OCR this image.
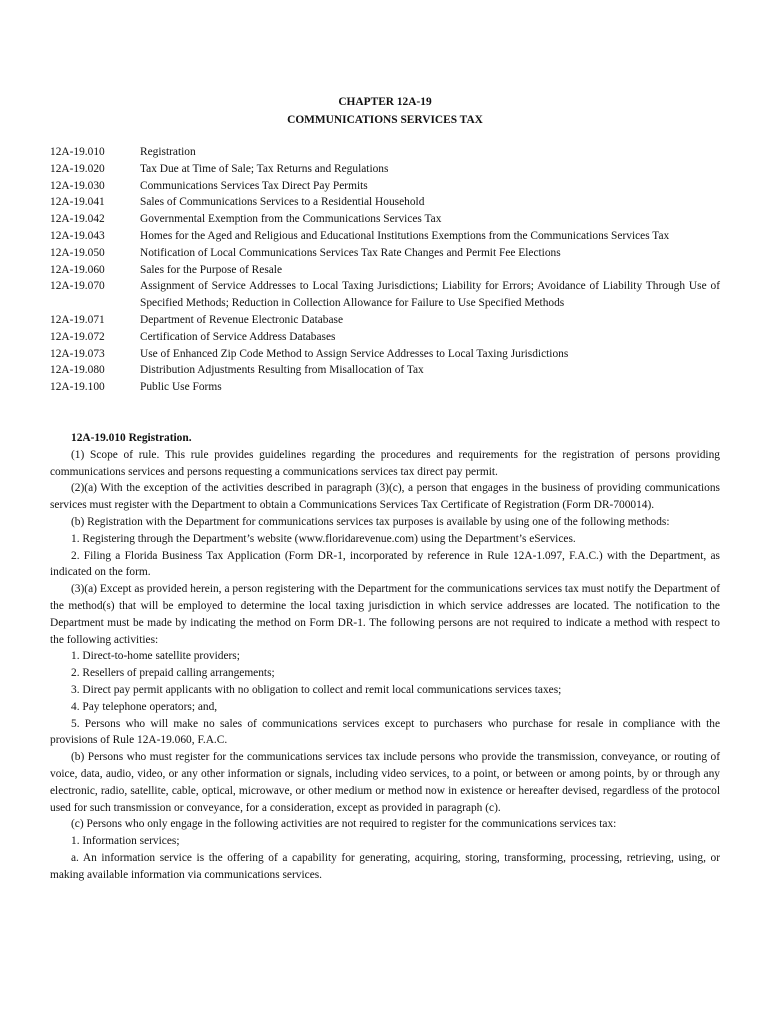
CHAPTER 12A-19
COMMUNICATIONS SERVICES TAX
12A-19.010	Registration
12A-19.020	Tax Due at Time of Sale; Tax Returns and Regulations
12A-19.030	Communications Services Tax Direct Pay Permits
12A-19.041	Sales of Communications Services to a Residential Household
12A-19.042	Governmental Exemption from the Communications Services Tax
12A-19.043	Homes for the Aged and Religious and Educational Institutions Exemptions from the Communications Services Tax
12A-19.050	Notification of Local Communications Services Tax Rate Changes and Permit Fee Elections
12A-19.060	Sales for the Purpose of Resale
12A-19.070	Assignment of Service Addresses to Local Taxing Jurisdictions; Liability for Errors; Avoidance of Liability Through Use of Specified Methods; Reduction in Collection Allowance for Failure to Use Specified Methods
12A-19.071	Department of Revenue Electronic Database
12A-19.072	Certification of Service Address Databases
12A-19.073	Use of Enhanced Zip Code Method to Assign Service Addresses to Local Taxing Jurisdictions
12A-19.080	Distribution Adjustments Resulting from Misallocation of Tax
12A-19.100	Public Use Forms
12A-19.010 Registration.

(1) Scope of rule. This rule provides guidelines regarding the procedures and requirements for the registration of persons providing communications services and persons requesting a communications services tax direct pay permit.

(2)(a) With the exception of the activities described in paragraph (3)(c), a person that engages in the business of providing communications services must register with the Department to obtain a Communications Services Tax Certificate of Registration (Form DR-700014).

(b) Registration with the Department for communications services tax purposes is available by using one of the following methods:

1. Registering through the Department’s website (www.floridarevenue.com) using the Department’s eServices.

2. Filing a Florida Business Tax Application (Form DR-1, incorporated by reference in Rule 12A-1.097, F.A.C.) with the Department, as indicated on the form.

(3)(a) Except as provided herein, a person registering with the Department for the communications services tax must notify the Department of the method(s) that will be employed to determine the local taxing jurisdiction in which service addresses are located. The notification to the Department must be made by indicating the method on Form DR-1. The following persons are not required to indicate a method with respect to the following activities:

1. Direct-to-home satellite providers;

2. Resellers of prepaid calling arrangements;

3. Direct pay permit applicants with no obligation to collect and remit local communications services taxes;

4. Pay telephone operators; and,

5. Persons who will make no sales of communications services except to purchasers who purchase for resale in compliance with the provisions of Rule 12A-19.060, F.A.C.

(b) Persons who must register for the communications services tax include persons who provide the transmission, conveyance, or routing of voice, data, audio, video, or any other information or signals, including video services, to a point, or between or among points, by or through any electronic, radio, satellite, cable, optical, microwave, or other medium or method now in existence or hereafter devised, regardless of the protocol used for such transmission or conveyance, for a consideration, except as provided in paragraph (c).

(c) Persons who only engage in the following activities are not required to register for the communications services tax:

1. Information services;

a. An information service is the offering of a capability for generating, acquiring, storing, transforming, processing, retrieving, using, or making available information via communications services.
